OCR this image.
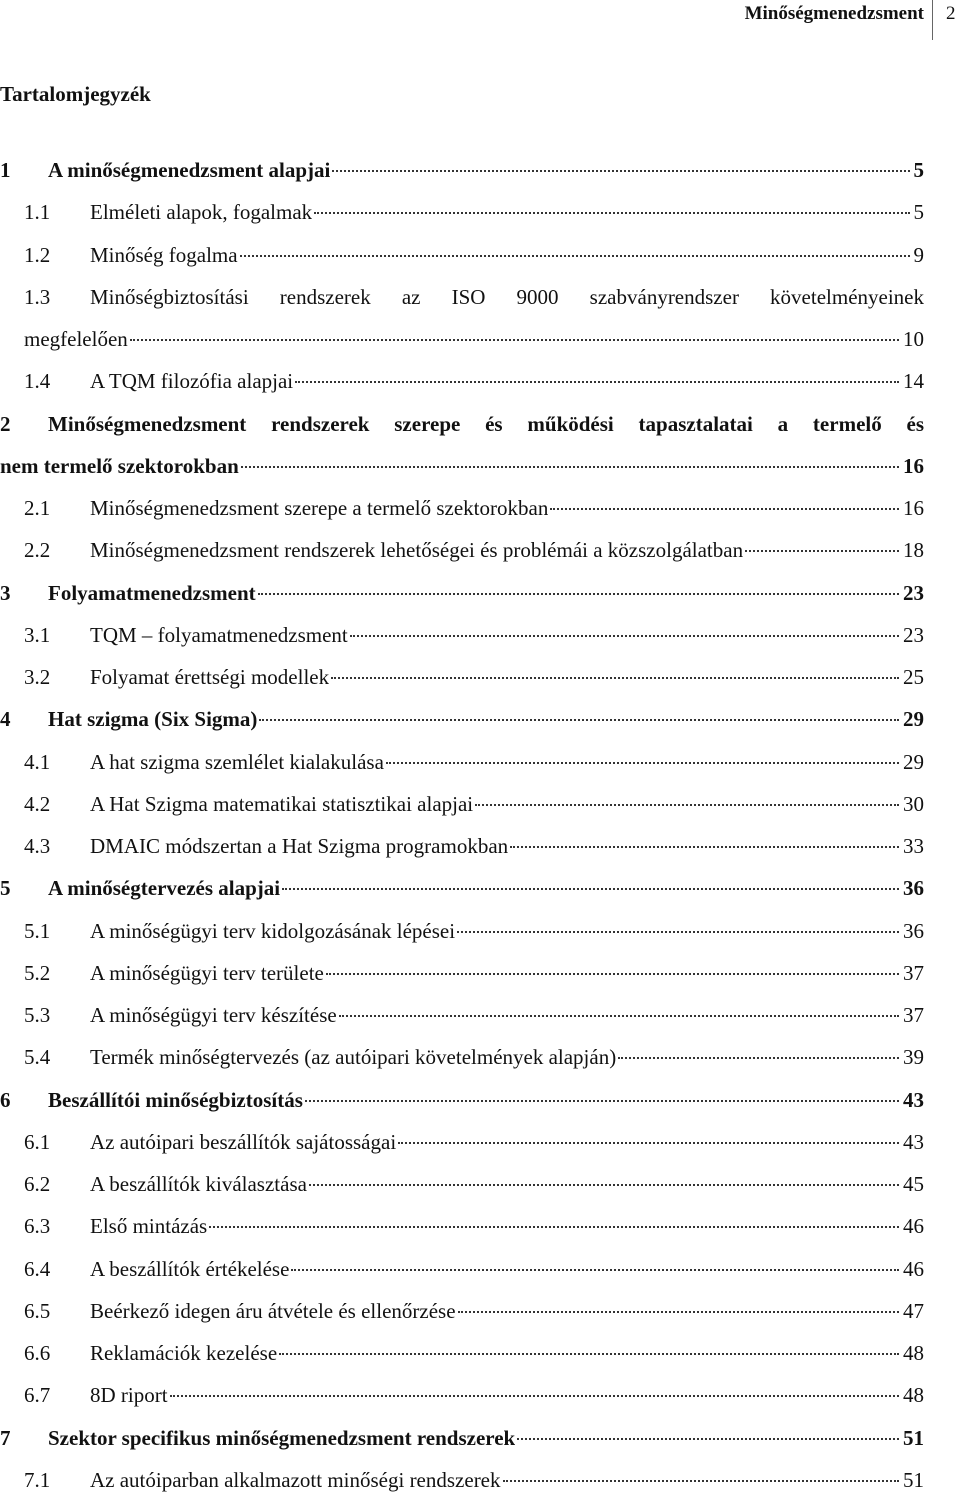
Minőségmenedzsment 2
Tartalomjegyzék
1	A minőségmenedzsment alapjai	5
1.1	Elméleti alapok, fogalmak	5
1.2	Minőség fogalma	9
1.3	Minőségbiztosítási rendszerek az ISO 9000 szabványrendszer követelményeinek
megfelelően	10
1.4	A TQM filozófia alapjai	14
2	Minőségmenedzsment rendszerek szerepe és működési tapasztalatai a termelő és
nem termelő szektorokban	16
2.1	Minőségmenedzsment szerepe a termelő szektorokban	16
2.2	Minőségmenedzsment rendszerek lehetőségei és problémái a közszolgálatban	18
3	Folyamatmenedzsment	23
3.1	TQM – folyamatmenedzsment	23
3.2	Folyamat érettségi modellek	25
4	Hat szigma (Six Sigma)	29
4.1	A hat szigma szemlélet kialakulása	29
4.2	A Hat Szigma matematikai statisztikai alapjai	30
4.3	DMAIC módszertan a Hat Szigma programokban	33
5	A minőségtervezés alapjai	36
5.1	A minőségügyi terv kidolgozásának lépései	36
5.2	A minőségügyi terv területe	37
5.3	A minőségügyi terv készítése	37
5.4	Termék minőségtervezés (az autóipari követelmények alapján)	39
6	Beszállítói minőségbiztosítás	43
6.1	Az autóipari beszállítók sajátosságai	43
6.2	A beszállítók kiválasztása	45
6.3	Első mintázás	46
6.4	A beszállítók értékelése	46
6.5	Beérkező idegen áru átvétele és ellenőrzése	47
6.6	Reklamációk kezelése	48
6.7	8D riport	48
7	Szektor specifikus minőségmenedzsment rendszerek	51
7.1	Az autóiparban alkalmazott minőségi rendszerek	51
